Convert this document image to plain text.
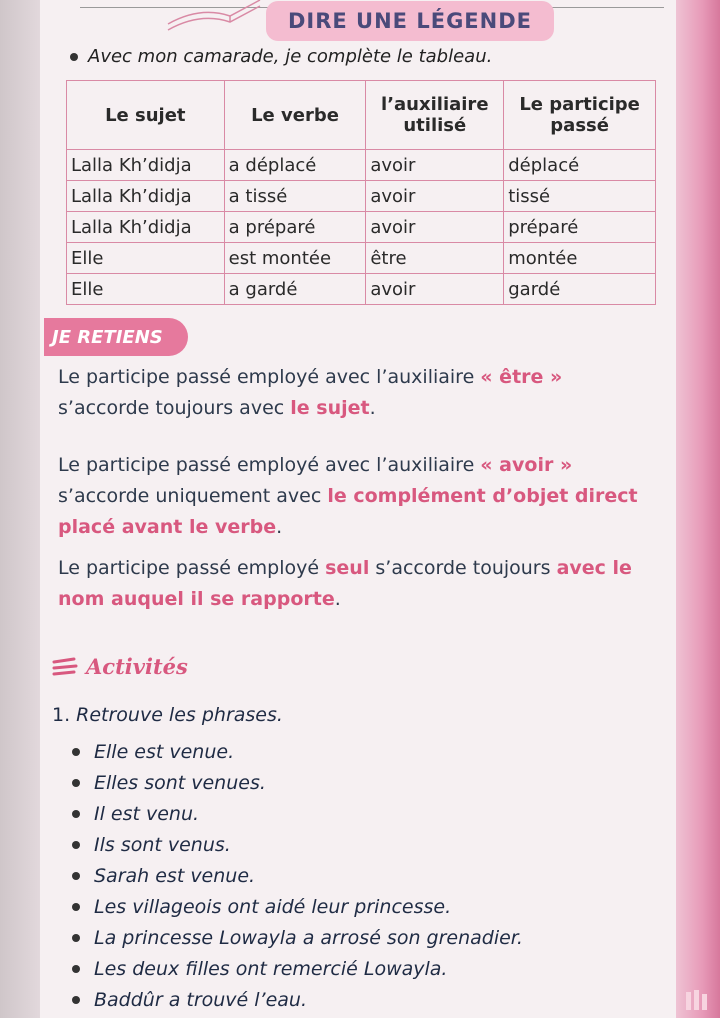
DIRE UNE LÉGENDE
Avec mon camarade, je complète le tableau.
Le sujet	Le verbe	l’auxiliaire utilisé	Le participe passé
Lalla Kh’didja	a déplacé	avoir	déplacé
Lalla Kh’didja	a tissé	avoir	tissé
Lalla Kh’didja	a préparé	avoir	préparé
Elle	est montée	être	montée
Elle	a gardé	avoir	gardé
JE RETIENS

Le participe passé employé avec l’auxiliaire « être » s’accorde toujours avec le sujet.

Le participe passé employé avec l’auxiliaire « avoir » s’accorde uniquement avec le complément d’objet direct placé avant le verbe.

Le participe passé employé seul s’accorde toujours avec le nom auquel il se rapporte.

Activités
1. Retrouve les phrases.
Elle est venue.
Elles sont venues.
Il est venu.
Ils sont venus.
Sarah est venue.
Les villageois ont aidé leur princesse.
La princesse Lowayla a arrosé son grenadier.
Les deux filles ont remercié Lowayla.
Baddûr a trouvé l’eau.
